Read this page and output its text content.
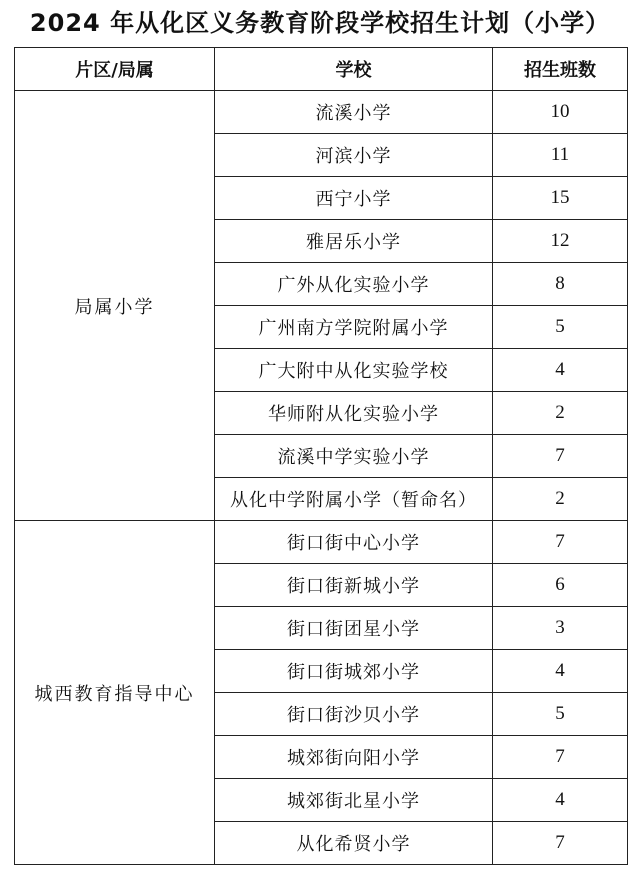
2024 年从化区义务教育阶段学校招生计划（小学）
片区/局属	学校	招生班数
局属小学	流溪小学	10
	河滨小学	11
	西宁小学	15
	雅居乐小学	12
	广外从化实验小学	8
	广州南方学院附属小学	5
	广大附中从化实验学校	4
	华师附从化实验小学	2
	流溪中学实验小学	7
	从化中学附属小学（暂命名）	2
城西教育指导中心	街口街中心小学	7
	街口街新城小学	6
	街口街团星小学	3
	街口街城郊小学	4
	街口街沙贝小学	5
	城郊街向阳小学	7
	城郊街北星小学	4
	从化希贤小学	7
